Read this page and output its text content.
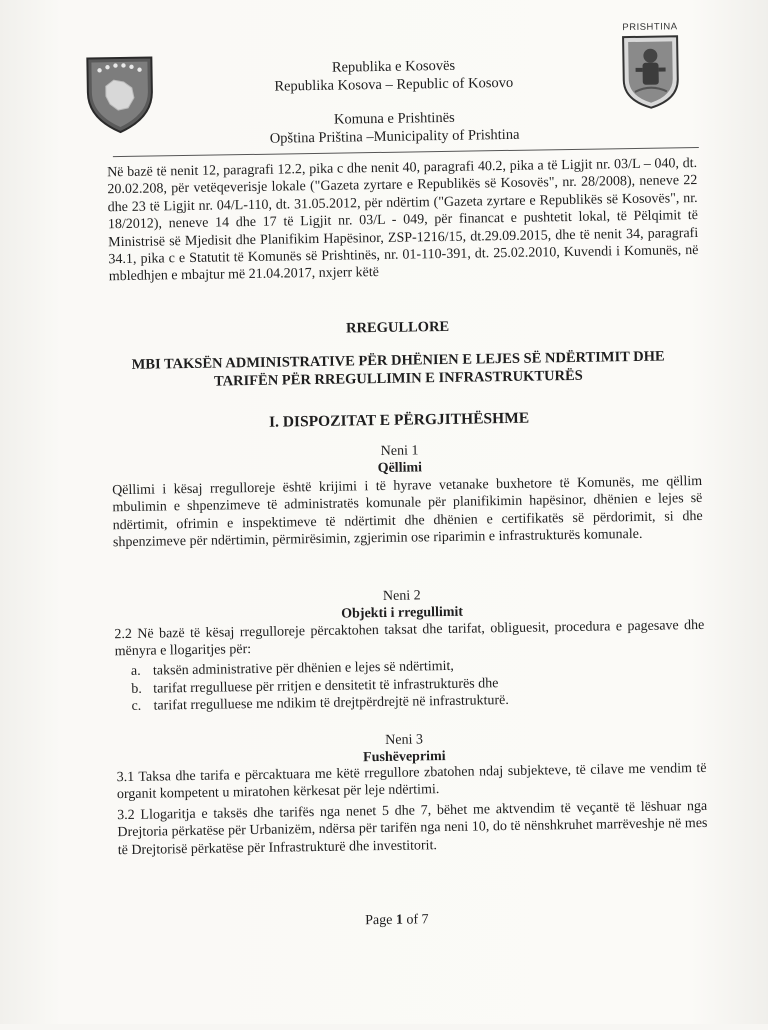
PRISHTINA
Republika e Kosovës
Republika Kosova – Republic of Kosovo
Komuna e Prishtinës
Opština Priština –Municipality of Prishtina
Në bazë të nenit 12, paragrafi 12.2, pika c dhe nenit 40, paragrafi 40.2, pika a të Ligjit nr. 03/L – 040, dt. 20.02.208, për vetëqeverisje lokale ("Gazeta zyrtare e Republikës së Kosovës", nr. 28/2008), neneve 22 dhe 23 të Ligjit nr. 04/L-110, dt. 31.05.2012, për ndërtim ("Gazeta zyrtare e Republikës së Kosovës", nr. 18/2012), neneve 14 dhe 17 të Ligjit nr. 03/L - 049, për financat e pushtetit lokal, të Pëlqimit të Ministrisë së Mjedisit dhe Planifikim Hapësinor, ZSP-1216/15, dt.29.09.2015, dhe të nenit 34, paragrafi 34.1, pika c e Statutit të Komunës së Prishtinës, nr. 01-110-391, dt. 25.02.2010, Kuvendi i Komunës, në mbledhjen e mbajtur më 21.04.2017, nxjerr këtë
RREGULLORE
MBI TAKSËN ADMINISTRATIVE PËR DHËNIEN E LEJES SË NDËRTIMIT DHE
TARIFËN PËR RREGULLIMIN E INFRASTRUKTURËS
I. DISPOZITAT E PËRGJITHËSHME
Neni 1
Qëllimi
Qëllimi i kësaj rregulloreje është krijimi i të hyrave vetanake buxhetore të Komunës, me qëllim mbulimin e shpenzimeve të administratës komunale për planifikimin hapësinor, dhënien e lejes së ndërtimit, ofrimin e inspektimeve të ndërtimit dhe dhënien e certifikatës së përdorimit, si dhe shpenzimeve për ndërtimin, përmirësimin, zgjerimin ose riparimin e infrastrukturës komunale.
Neni 2
Objekti i rregullimit
2.2 Në bazë të kësaj rregulloreje përcaktohen taksat dhe tarifat, obliguesit, procedura e pagesave dhe mënyra e llogaritjes për:
a. taksën administrative për dhënien e lejes së ndërtimit,
b. tarifat rregulluese për rritjen e densitetit të infrastrukturës dhe
c. tarifat rregulluese me ndikim të drejtpërdrejtë në infrastrukturë.
Neni 3
Fushëveprimi
3.1 Taksa dhe tarifa e përcaktuara me këtë rregullore zbatohen ndaj subjekteve, të cilave me vendim të organit kompetent u miratohen kërkesat për leje ndërtimi.
3.2 Llogaritja e taksës dhe tarifës nga nenet 5 dhe 7, bëhet me aktvendim të veçantë të lëshuar nga Drejtoria përkatëse për Urbanizëm, ndërsa për tarifën nga neni 10, do të nënshkruhet marrëveshje në mes të Drejtorisë përkatëse për Infrastrukturë dhe investitorit.
Page 1 of 7
